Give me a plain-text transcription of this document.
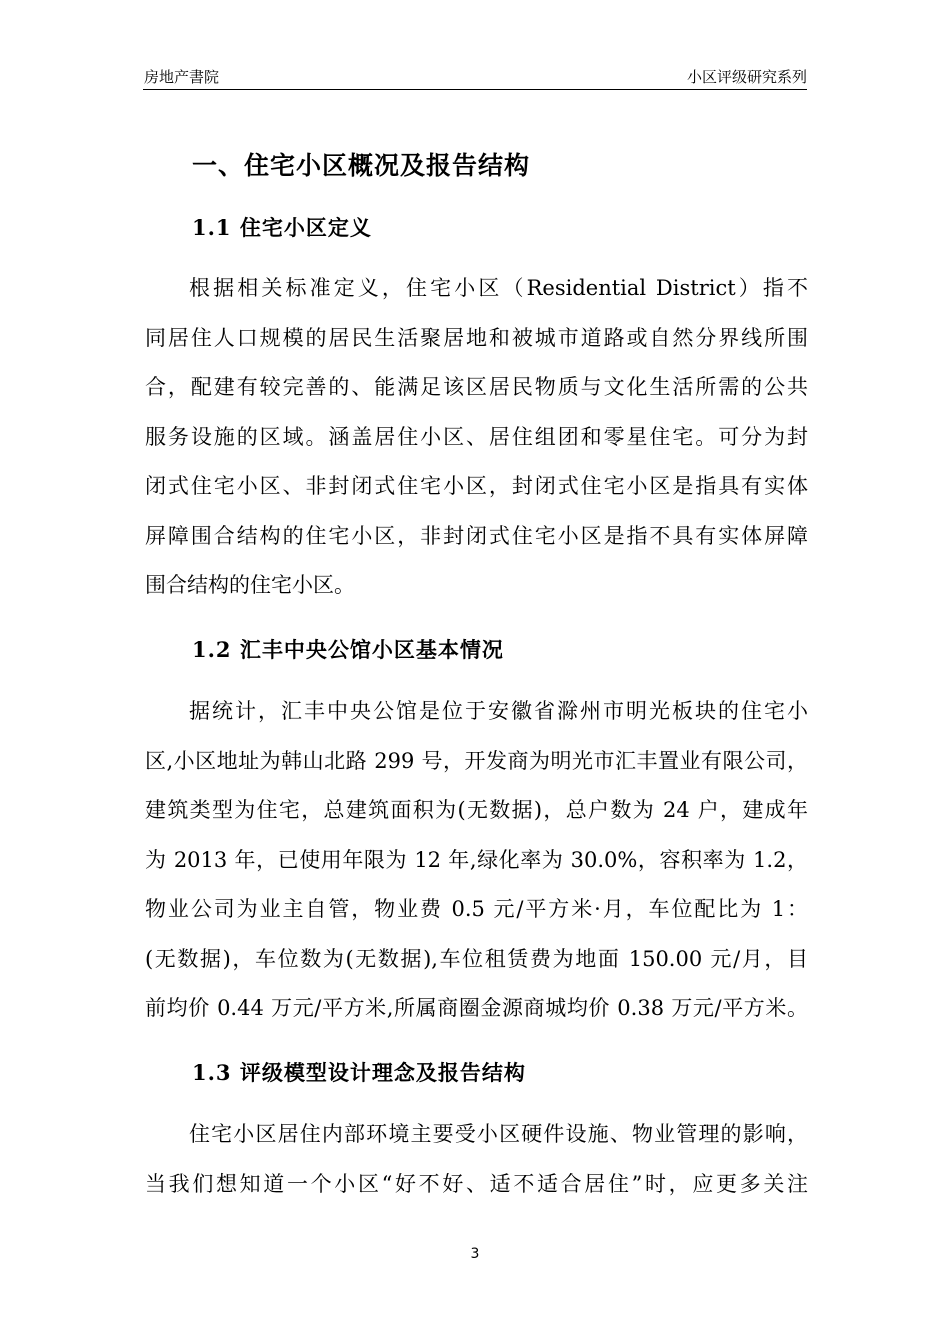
房地产書院	小区评级研究系列
一、住宅小区概况及报告结构
1.1 住宅小区定义
根据相关标准定义，住宅小区（Residential District）指不
同居住人口规模的居民生活聚居地和被城市道路或自然分界线所围
合，配建有较完善的、能满足该区居民物质与文化生活所需的公共
服务设施的区域。涵盖居住小区、居住组团和零星住宅。可分为封
闭式住宅小区、非封闭式住宅小区，封闭式住宅小区是指具有实体
屏障围合结构的住宅小区，非封闭式住宅小区是指不具有实体屏障
围合结构的住宅小区。
1.2 汇丰中央公馆小区基本情况
据统计，汇丰中央公馆是位于安徽省滁州市明光板块的住宅小
区,小区地址为韩山北路 299 号，开发商为明光市汇丰置业有限公司，
建筑类型为住宅，总建筑面积为(无数据)，总户数为 24 户，建成年
为 2013 年，已使用年限为 12 年,绿化率为 30.0%，容积率为 1.2，
物业公司为业主自管，物业费 0.5 元/平方米·月，车位配比为 1：
(无数据)，车位数为(无数据),车位租赁费为地面 150.00 元/月，目
前均价 0.44 万元/平方米,所属商圈金源商城均价 0.38 万元/平方米。
1.3 评级模型设计理念及报告结构
住宅小区居住内部环境主要受小区硬件设施、物业管理的影响，
当我们想知道一个小区“好不好、适不适合居住”时，应更多关注
3
